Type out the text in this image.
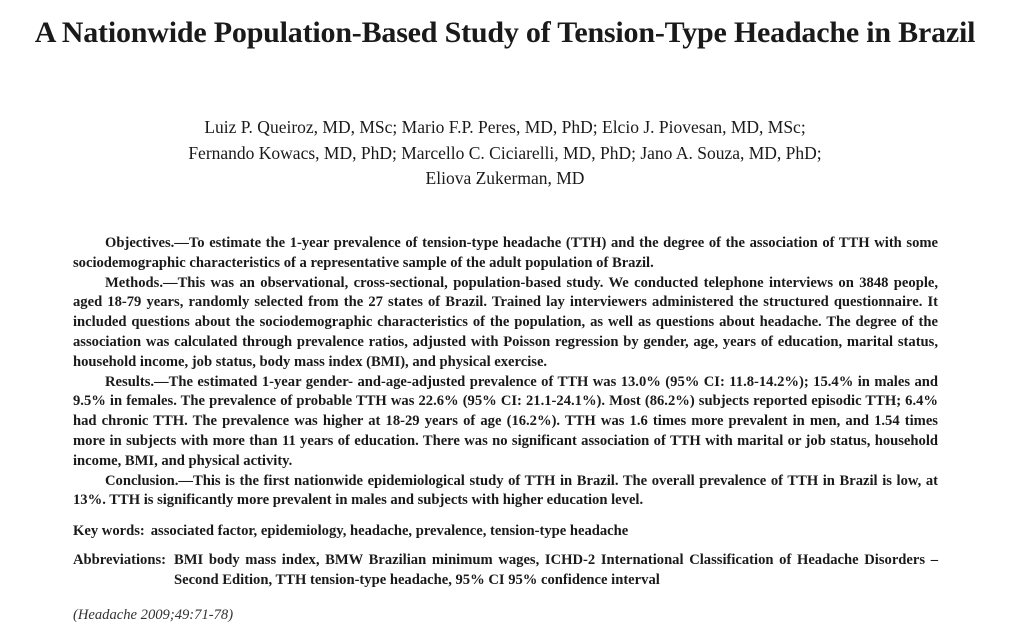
A Nationwide Population-Based Study of Tension-Type Headache in Brazil
Luiz P. Queiroz, MD, MSc; Mario F.P. Peres, MD, PhD; Elcio J. Piovesan, MD, MSc;
Fernando Kowacs, MD, PhD; Marcello C. Ciciarelli, MD, PhD; Jano A. Souza, MD, PhD;
Eliova Zukerman, MD

Objectives.—To estimate the 1-year prevalence of tension-type headache (TTH) and the degree of the association of TTH with some sociodemographic characteristics of a representative sample of the adult population of Brazil.

Methods.—This was an observational, cross-sectional, population-based study. We conducted telephone interviews on 3848 people, aged 18-79 years, randomly selected from the 27 states of Brazil. Trained lay interviewers administered the structured questionnaire. It included questions about the sociodemographic characteristics of the population, as well as questions about headache. The degree of the association was calculated through prevalence ratios, adjusted with Poisson regression by gender, age, years of education, marital status, household income, job status, body mass index (BMI), and physical exercise.

Results.—The estimated 1-year gender- and-age-adjusted prevalence of TTH was 13.0% (95% CI: 11.8-14.2%); 15.4% in males and 9.5% in females. The prevalence of probable TTH was 22.6% (95% CI: 21.1-24.1%). Most (86.2%) subjects reported episodic TTH; 6.4% had chronic TTH. The prevalence was higher at 18-29 years of age (16.2%). TTH was 1.6 times more prevalent in men, and 1.54 times more in subjects with more than 11 years of education. There was no significant association of TTH with marital or job status, household income, BMI, and physical activity.

Conclusion.—This is the first nationwide epidemiological study of TTH in Brazil. The overall prevalence of TTH in Brazil is low, at 13%. TTH is significantly more prevalent in males and subjects with higher education level.

Key words: associated factor, epidemiology, headache, prevalence, tension-type headache
Abbreviations: BMI body mass index, BMW Brazilian minimum wages, ICHD-2 International Classification of Headache Disorders – Second Edition, TTH tension-type headache, 95% CI 95% confidence interval
(Headache 2009;49:71-78)
